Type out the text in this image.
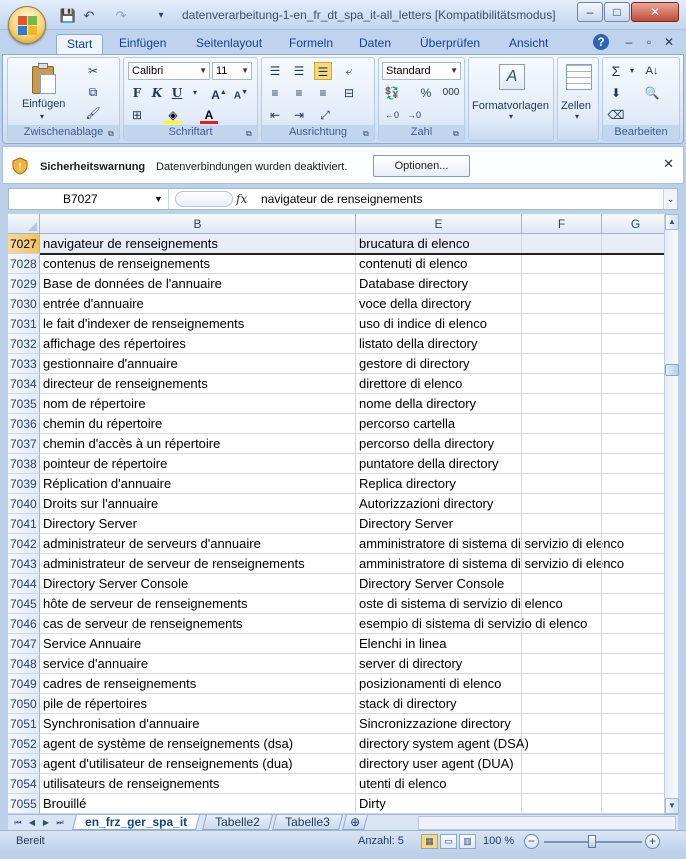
💾 ↶ ↷	▾	datenverarbeitung-1-en_fr_dt_spa_it-all_letters [Kompatibilitätsmodus]	–	□	✕
Start	Einfügen Seitenlayout Formeln Daten Überprüfen Ansicht	?	–	▫	✕
Einfügen
▾
✂
⧉
🖌
Zwischenablage ⧉
Calibri	▼ 11 ▼
F K U	▾	A▲ A▼
⊞	◈	A
Schriftart	⧉
☰	☰	☰	⤶
≡	≡	≡	⊟
⇤	⇥	⤢
Ausrichtung	⧉
Standard ▼
💱	%	000
←0 →0
Zahl	⧉
A
Formatvorlagen
▾
Zellen
▾
Σ	▾	A↓
⬇	🔍
⌫
Bearbeiten
! Sicherheitswarnung Datenverbindungen wurden deaktiviert.	Optionen...	✕
B7027	▼	fx navigateur de renseignements	⌄
B	E	F	G
7027 navigateur de renseignements	brucatura di elenco
7028 contenus de renseignements	contenuti di elenco
7029 Base de données de l'annuaire	Database directory
7030 entrée d'annuaire	voce della directory
7031 le fait d'indexer de renseignements	uso di indice di elenco
7032 affichage des répertoires	listato della directory
7033 gestionnaire d'annuaire	gestore di directory
7034 directeur de renseignements	direttore di elenco
7035 nom de répertoire	nome della directory
7036 chemin du répertoire	percorso cartella
7037 chemin d'accès à un répertoire	percorso della directory
7038 pointeur de répertoire	puntatore della directory
7039 Réplication d'annuaire	Replica directory
7040 Droits sur l'annuaire	Autorizzazioni directory
7041 Directory Server	Directory Server
7042 administrateur de serveurs d'annuaire	amministratore di sistema di servizio di elenco
7043 administrateur de serveur de renseignements	amministratore di sistema di servizio di elenco
7044 Directory Server Console	Directory Server Console
7045 hôte de serveur de renseignements	oste di sistema di servizio di elenco
7046 cas de serveur de renseignements	esempio di sistema di servizio di elenco
7047 Service Annuaire	Elenchi in linea
7048 service d'annuaire	server di directory
7049 cadres de renseignements	posizionamenti di elenco
7050 pile de répertoires	stack di directory
7051 Synchronisation d'annuaire	Sincronizzazione directory
7052 agent de système de renseignements (dsa)	directory system agent (DSA)
7053 agent d'utilisateur de renseignements (dua)	directory user agent (DUA)
7054 utilisateurs de renseignements	utenti di elenco
7055 Brouillé	Dirty
▲
▼
⏮ ◀ ▶ ⏭	en_frz_ger_spa_it	Tabelle2	Tabelle3	⊕
Bereit	Anzahl: 5	▦	▭	▥	100 %	−	+
